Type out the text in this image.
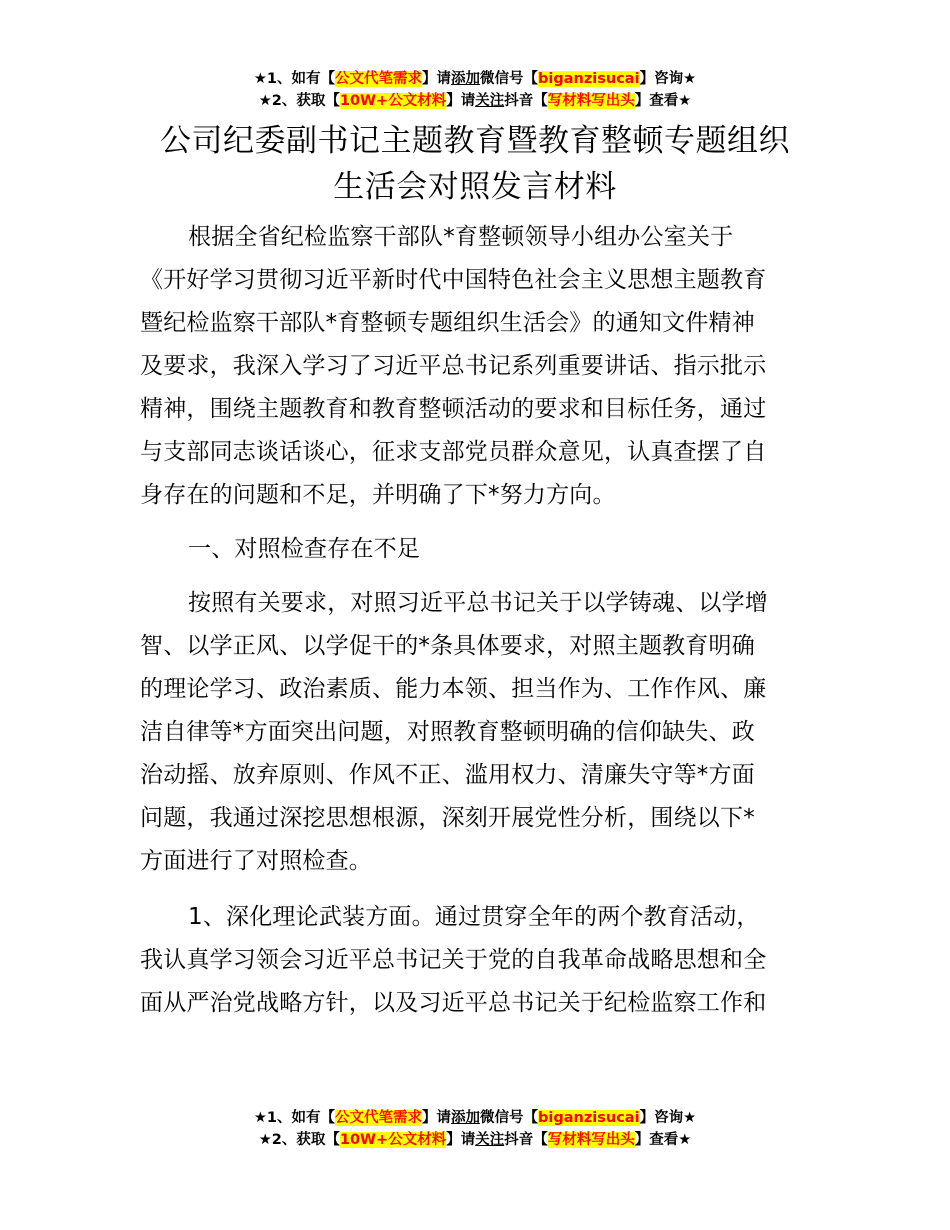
★1、如有【公文代笔需求】请添加微信号【biganzisucai】咨询★
★2、获取【10W+公文材料】请关注抖音【写材料写出头】查看★
公司纪委副书记主题教育暨教育整顿专题组织
生活会对照发言材料
根据全省纪检监察干部队*育整顿领导小组办公室关于
《开好学习贯彻习近平新时代中国特色社会主义思想主题教育
暨纪检监察干部队*育整顿专题组织生活会》的通知文件精神
及要求，我深入学习了习近平总书记系列重要讲话、指示批示
精神，围绕主题教育和教育整顿活动的要求和目标任务，通过
与支部同志谈话谈心，征求支部党员群众意见，认真查摆了自
身存在的问题和不足，并明确了下*努力方向。
一、对照检查存在不足
按照有关要求，对照习近平总书记关于以学铸魂、以学增
智、以学正风、以学促干的*条具体要求，对照主题教育明确
的理论学习、政治素质、能力本领、担当作为、工作作风、廉
洁自律等*方面突出问题，对照教育整顿明确的信仰缺失、政
治动摇、放弃原则、作风不正、滥用权力、清廉失守等*方面
问题，我通过深挖思想根源，深刻开展党性分析，围绕以下*
方面进行了对照检查。
1、深化理论武装方面。通过贯穿全年的两个教育活动，
我认真学习领会习近平总书记关于党的自我革命战略思想和全
面从严治党战略方针，以及习近平总书记关于纪检监察工作和
★1、如有【公文代笔需求】请添加微信号【biganzisucai】咨询★
★2、获取【10W+公文材料】请关注抖音【写材料写出头】查看★
